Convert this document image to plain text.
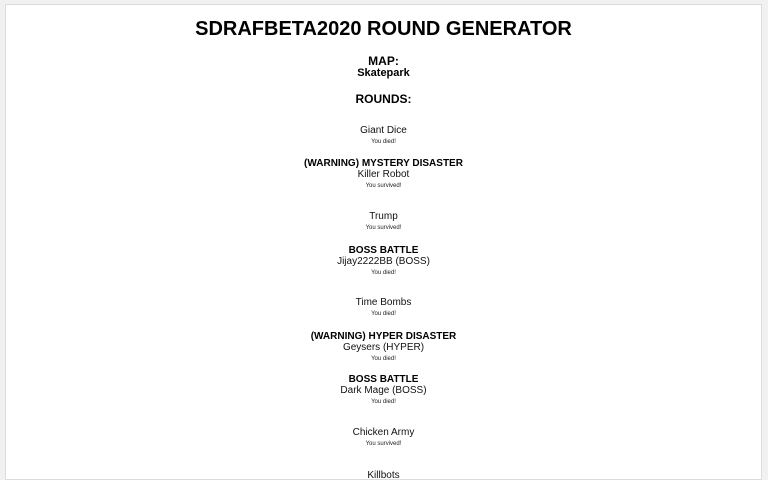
SDRAFBETA2020 ROUND GENERATOR
MAP:
Skatepark
ROUNDS:
Giant Dice
You died!
(WARNING) MYSTERY DISASTER
Killer Robot
You survived!
Trump
You survived!
BOSS BATTLE
Jijay2222BB (BOSS)
You died!
Time Bombs
You died!
(WARNING) HYPER DISASTER
Geysers (HYPER)
You died!
BOSS BATTLE
Dark Mage (BOSS)
You died!
Chicken Army
You survived!
Killbots
